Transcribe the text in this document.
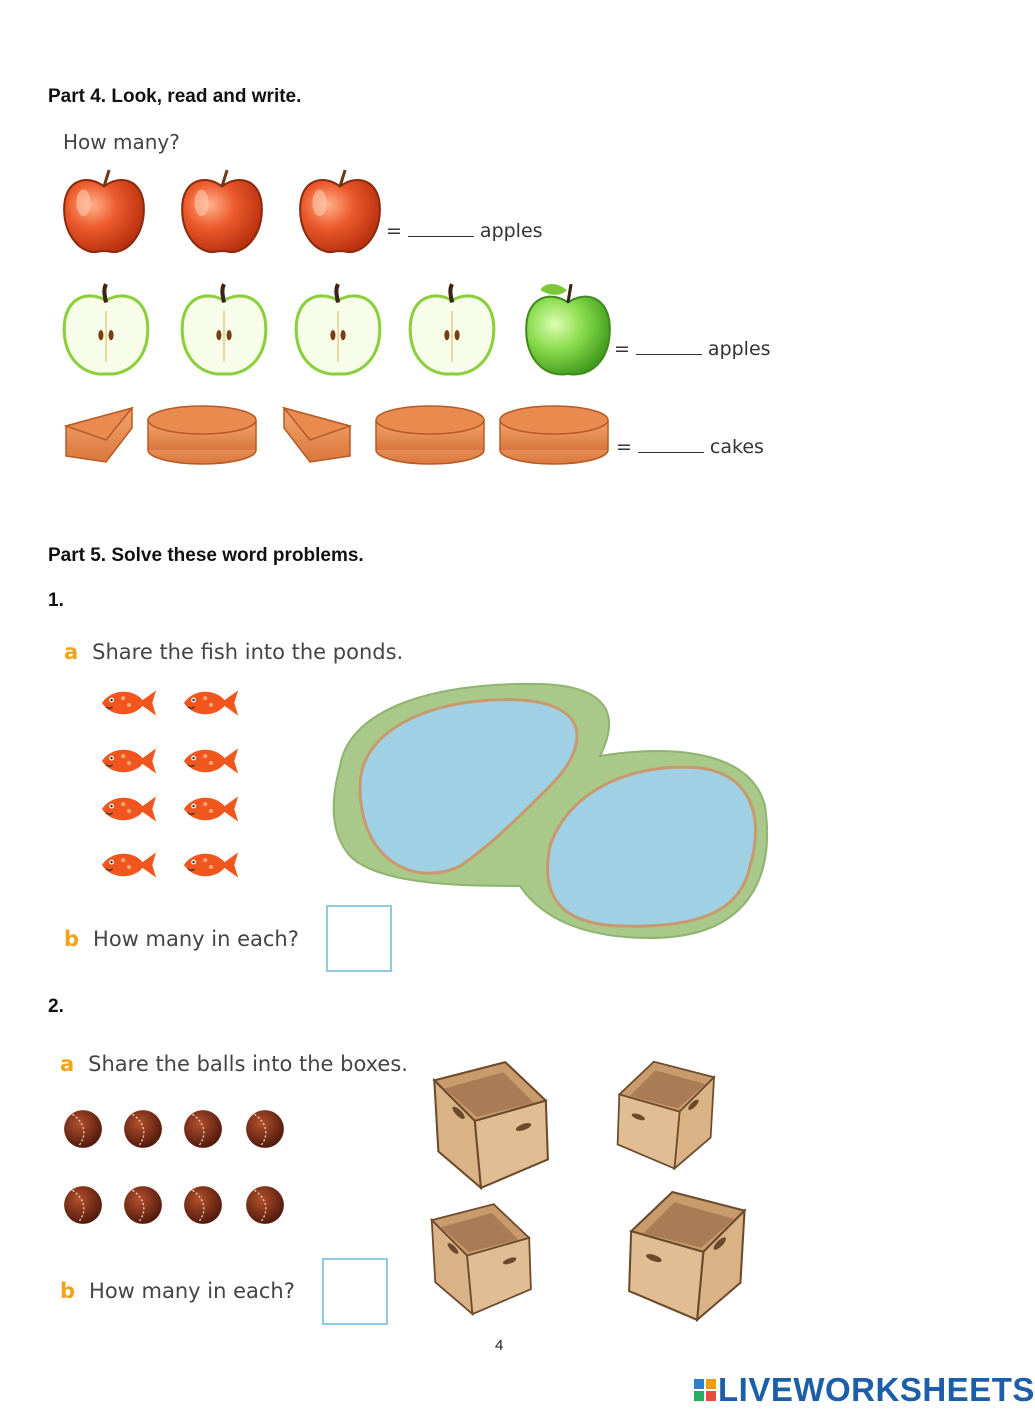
Part 4. Look, read and write.
How many?
=	apples
=	apples
=	cakes
Part 5. Solve these word problems.
1.
a Share the fish into the ponds.
b How many in each?
2.
a Share the balls into the boxes.
b How many in each?
4
LIVEWORKSHEETS
